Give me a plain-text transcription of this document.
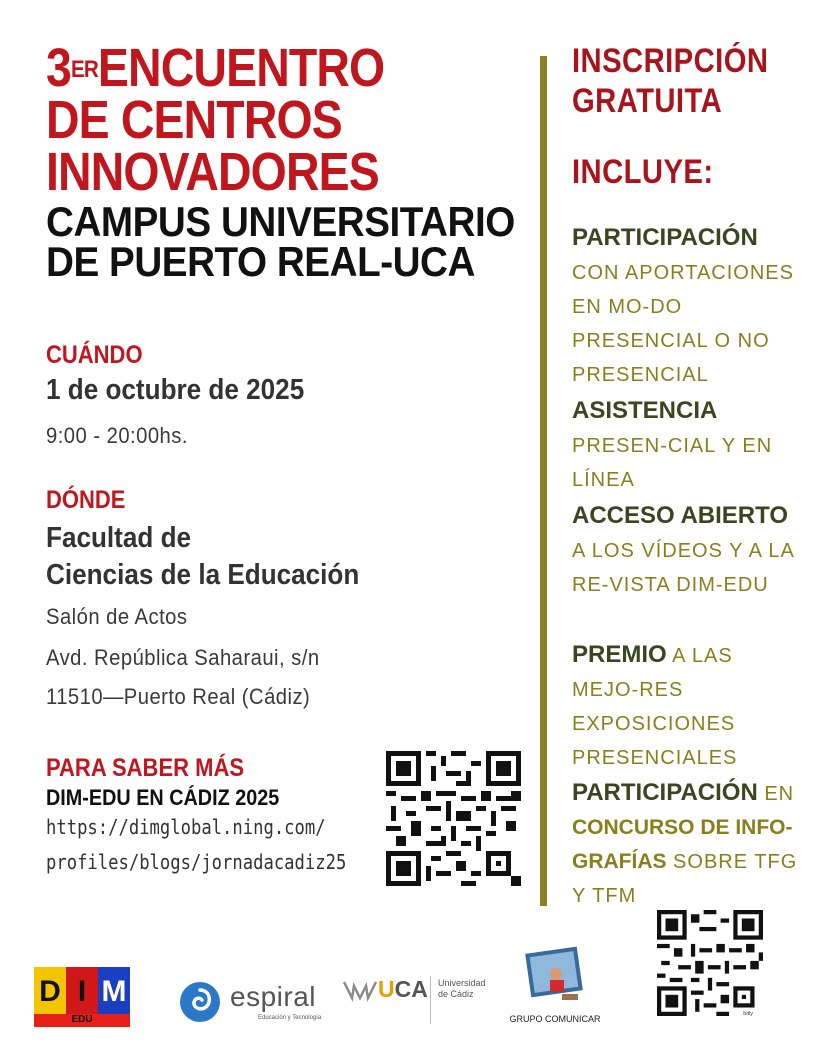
3ERENCUENTRO
DE CENTROS
INNOVADORES
CAMPUS UNIVERSITARIO
DE PUERTO REAL-UCA
CUÁNDO
1 de octubre de 2025
9:00 - 20:00hs.
DÓNDE
Facultad de
Ciencias de la Educación
Salón de Actos
Avd. República Saharaui, s/n
11510—Puerto Real (Cádiz)
PARA SABER MÁS
DIM-EDU EN CÁDIZ 2025
https://dimglobal.ning.com/
profiles/blogs/jornadacadiz25
INSCRIPCIÓN
GRATUITA
INCLUYE:
PARTICIPACIÓN CON APORTACIONES EN MO-DO PRESENCIAL O NO PRESENCIAL
ASISTENCIA PRESEN-CIAL Y EN LÍNEA
ACCESO ABIERTO A LOS VÍDEOS Y A LA RE-VISTA DIM-EDU
PREMIO A LAS MEJO-RES EXPOSICIONES PRESENCIALES
PARTICIPACIÓN EN CONCURSO DE INFO-GRAFÍAS SOBRE TFG Y TFM
bitly
D I M
EDU
espiral
Educación y Tecnología
UCA Universidad
de Cádiz
GRUPO COMUNICAR
